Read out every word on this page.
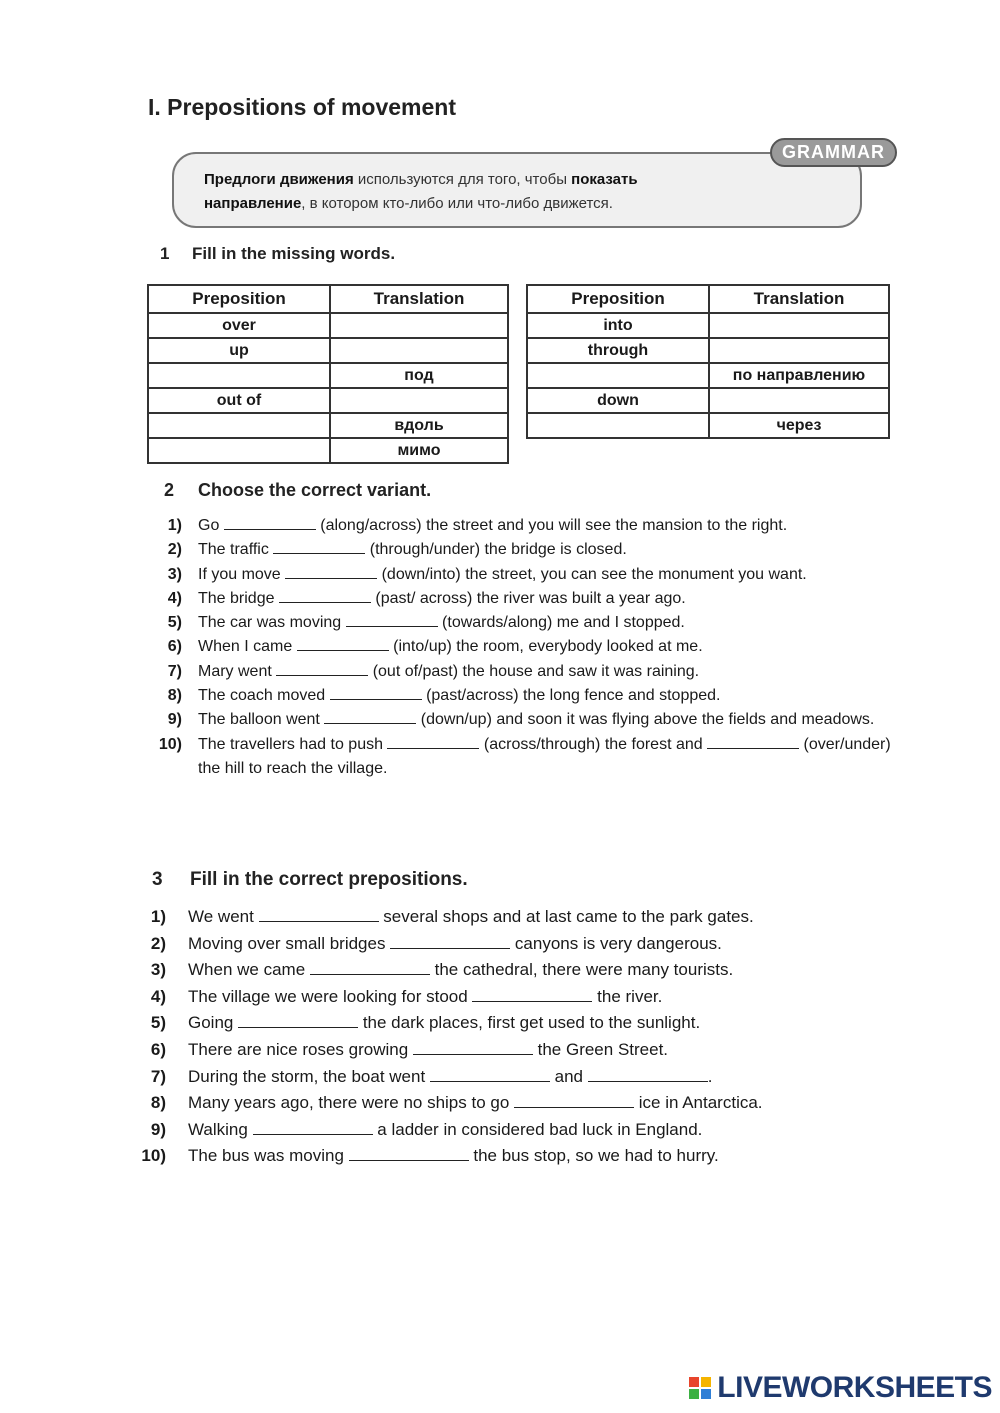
I. Prepositions of movement
GRAMMAR
Предлоги движения используются для того, чтобы показать
направление, в котором кто-либо или что-либо движется.
1 Fill in the missing words.
Preposition	Translation
over	
up	
	под
out of	
	вдоль
	мимо
Preposition	Translation
into	
through	
	по направлению
down	
	через
2 Choose the correct variant.
1) Go	(along/across) the street and you will see the mansion to the right.
2) The traffic	(through/under) the bridge is closed.
3) If you move	(down/into) the street, you can see the monument you want.
4) The bridge	(past/ across) the river was built a year ago.
5) The car was moving	(towards/along) me and I stopped.
6) When I came	(into/up) the room, everybody looked at me.
7) Mary went	(out of/past) the house and saw it was raining.
8) The coach moved	(past/across) the long fence and stopped.
9) The balloon went	(down/up) and soon it was flying above the fields and meadows.
10) The travellers had to push	(across/through) the forest and	(over/under) the hill to reach the village.
3 Fill in the correct prepositions.
1) We went	several shops and at last came to the park gates.
2) Moving over small bridges	canyons is very dangerous.
3) When we came	the cathedral, there were many tourists.
4) The village we were looking for stood	the river.
5) Going	the dark places, first get used to the sunlight.
6) There are nice roses growing	the Green Street.
7) During the storm, the boat went	and	.
8) Many years ago, there were no ships to go	ice in Antarctica.
9) Walking	a ladder in considered bad luck in England.
10) The bus was moving	the bus stop, so we had to hurry.
LIVEWORKSHEETS
